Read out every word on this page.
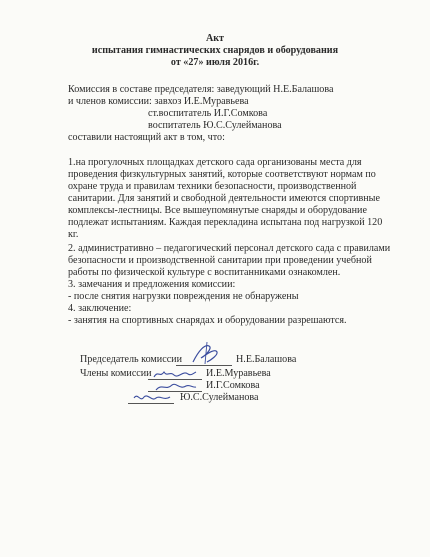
Акт
испытания гимнастических снарядов и оборудования
от «27» июля 2016г.
Комиссия в составе председателя: заведующий Н.Е.Балашова
и членов комиссии: завхоз И.Е.Муравьева
ст.воспитатель И.Г.Сомкова
воспитатель Ю.С.Сулейманова
составили настоящий акт в том, что:
1.на прогулочных площадках детского сада организованы места для
проведения физкультурных занятий, которые соответствуют нормам по
охране труда и правилам техники безопасности, производственной
санитарии. Для занятий и свободной деятельности имеются спортивные
комплексы-лестницы. Все вышеупомянутые снаряды и оборудование
подлежат испытаниям. Каждая перекладина испытана под нагрузкой 120
кг.
2. административно – педагогический персонал детского сада с правилами
безопасности и производственной санитарии при проведении учебной
работы по физической культуре с воспитанниками ознакомлен.
3. замечания и предложения комиссии:
- после снятия нагрузки повреждения не обнаружены
4. заключение:
- занятия на спортивных снарядах и оборудовании разрешаются.
Председатель комиссии	Н.Е.Балашова
Члены комиссии	И.Е.Муравьева
И.Г.Сомкова
Ю.С.Сулейманова
